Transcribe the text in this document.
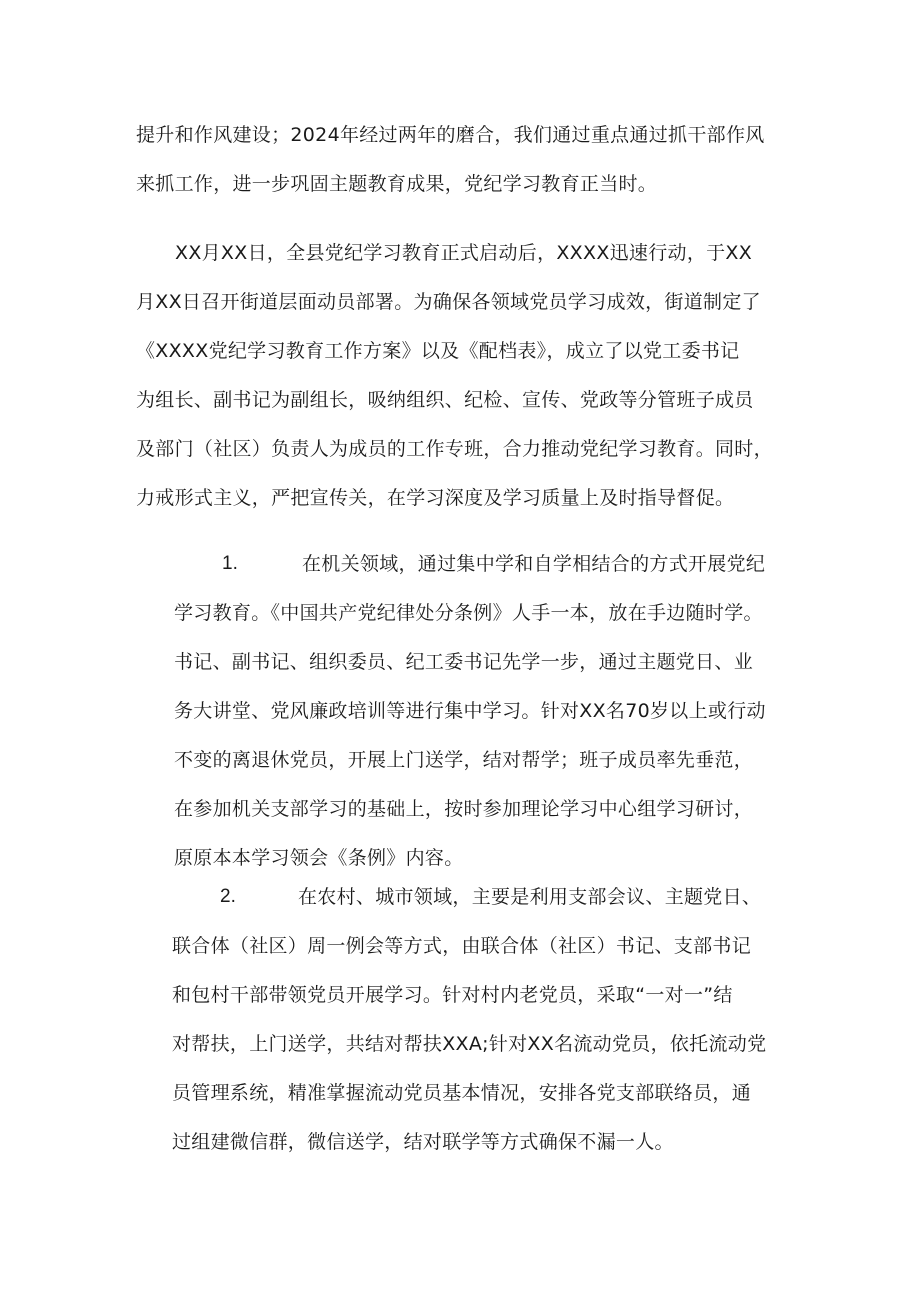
提升和作风建设；2024年经过两年的磨合，我们通过重点通过抓干部作风
来抓工作，进一步巩固主题教育成果，党纪学习教育正当时。
XX月XX日，全县党纪学习教育正式启动后，XXXX迅速行动，于XX
月XX日召开街道层面动员部署。为确保各领域党员学习成效，街道制定了
《XXXX党纪学习教育工作方案》以及《配档表》，成立了以党工委书记
为组长、副书记为副组长，吸纳组织、纪检、宣传、党政等分管班子成员
及部门（社区）负责人为成员的工作专班，合力推动党纪学习教育。同时，
力戒形式主义，严把宣传关，在学习深度及学习质量上及时指导督促。
1.	在机关领域，通过集中学和自学相结合的方式开展党纪
学习教育。《中国共产党纪律处分条例》人手一本，放在手边随时学。
书记、副书记、组织委员、纪工委书记先学一步，通过主题党日、业
务大讲堂、党风廉政培训等进行集中学习。针对XX名70岁以上或行动
不变的离退休党员，开展上门送学，结对帮学；班子成员率先垂范，
在参加机关支部学习的基础上，按时参加理论学习中心组学习研讨，
原原本本学习领会《条例》内容。
2.	在农村、城市领域，主要是利用支部会议、主题党日、
联合体（社区）周一例会等方式，由联合体（社区）书记、支部书记
和包村干部带领党员开展学习。针对村内老党员，采取“一对一”结
对帮扶，上门送学，共结对帮扶XXA;针对XX名流动党员，依托流动党
员管理系统，精准掌握流动党员基本情况，安排各党支部联络员，通
过组建微信群，微信送学，结对联学等方式确保不漏一人。
